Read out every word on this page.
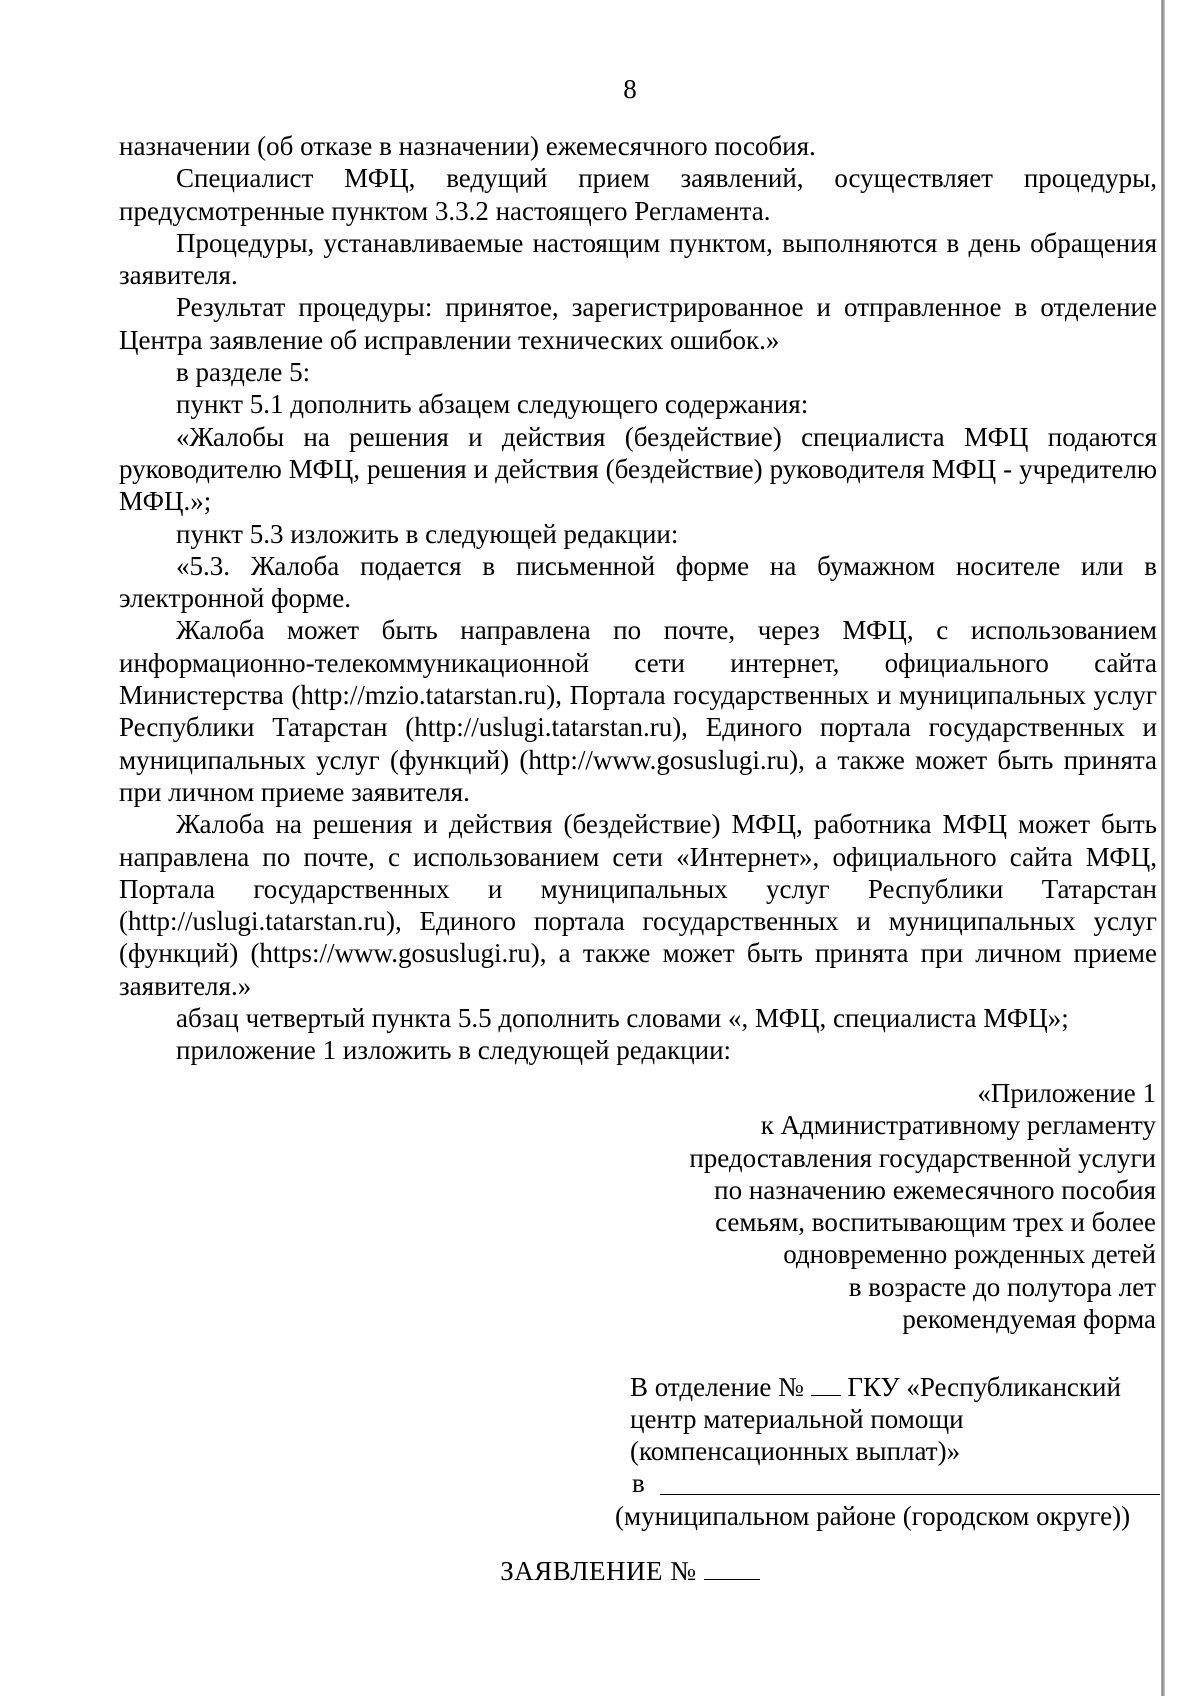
8

назначении (об отказе в назначении) ежемесячного пособия.

Специалист МФЦ, ведущий прием заявлений, осуществляет процедуры, предусмотренные пунктом 3.3.2 настоящего Регламента.

Процедуры, устанавливаемые настоящим пунктом, выполняются в день обращения заявителя.

Результат процедуры: принятое, зарегистрированное и отправленное в отделение Центра заявление об исправлении технических ошибок.»

в разделе 5:

пункт 5.1 дополнить абзацем следующего содержания:

«Жалобы на решения и действия (бездействие) специалиста МФЦ подаются руководителю МФЦ, решения и действия (бездействие) руководителя МФЦ - учредителю МФЦ.»;

пункт 5.3 изложить в следующей редакции:

«5.3. Жалоба подается в письменной форме на бумажном носителе или в электронной форме.

Жалоба может быть направлена по почте, через МФЦ, с использованием информационно-телекоммуникационной сети интернет, официального сайта Министерства (http://mzio.tatarstan.ru), Портала государственных и муниципальных услуг Республики Татарстан (http://uslugi.tatarstan.ru), Единого портала государственных и муниципальных услуг (функций) (http://www.gosuslugi.ru), а также может быть принята при личном приеме заявителя.

Жалоба на решения и действия (бездействие) МФЦ, работника МФЦ может быть направлена по почте, с использованием сети «Интернет», официального сайта МФЦ, Портала государственных и муниципальных услуг Республики Татарстан (http://uslugi.tatarstan.ru), Единого портала государственных и муниципальных услуг (функций) (https://www.gosuslugi.ru), а также может быть принята при личном приеме заявителя.»

абзац четвертый пункта 5.5 дополнить словами «, МФЦ, специалиста МФЦ»;

приложение 1 изложить в следующей редакции:

«Приложение 1
к Административному регламенту
предоставления государственной услуги
по назначению ежемесячного пособия
семьям, воспитывающим трех и более
одновременно рожденных детей
в возрасте до полутора лет
рекомендуемая форма
В отделение № ГКУ «Республиканский
центр материальной помощи
(компенсационных выплат)»
в
(муниципальном районе (городском округе))
ЗАЯВЛЕНИЕ №
